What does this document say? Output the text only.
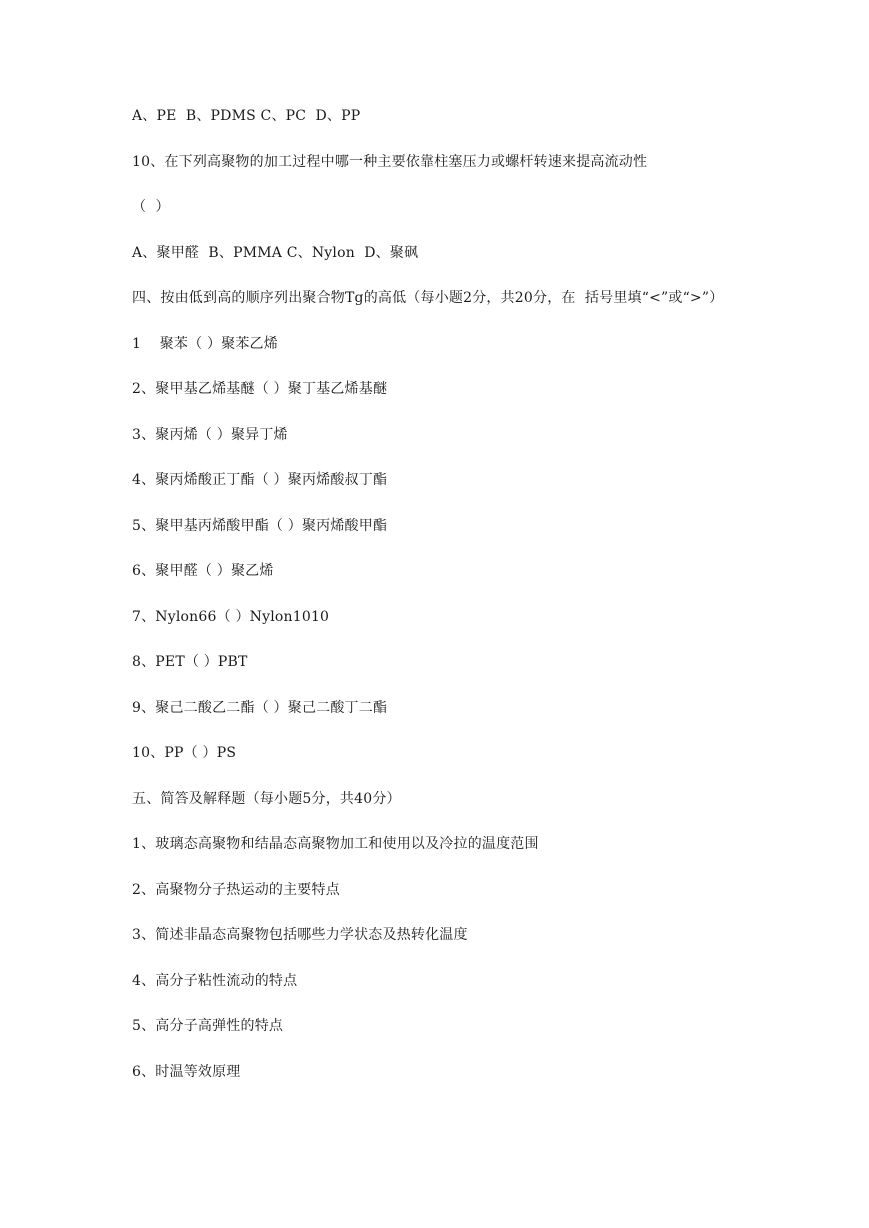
A、PE  B、PDMS C、PC  D、PP
10、在下列高聚物的加工过程中哪一种主要依靠柱塞压力或螺杆转速来提高流动性
（  ）
A、聚甲醛  B、PMMA C、Nylon  D、聚砜
四、按由低到高的顺序列出聚合物Tg的高低（每小题2分，共20分，在  括号里填“<”或“>”）
1    聚苯（ ）聚苯乙烯
2、聚甲基乙烯基醚（ ）聚丁基乙烯基醚
3、聚丙烯（ ）聚异丁烯
4、聚丙烯酸正丁酯（ ）聚丙烯酸叔丁酯
5、聚甲基丙烯酸甲酯（ ）聚丙烯酸甲酯
6、聚甲醛（ ）聚乙烯
7、Nylon66（ ）Nylon1010
8、PET（ ）PBT
9、聚己二酸乙二酯（ ）聚己二酸丁二酯
10、PP（ ）PS
五、简答及解释题（每小题5分，共40分）
1、玻璃态高聚物和结晶态高聚物加工和使用以及冷拉的温度范围
2、高聚物分子热运动的主要特点
3、简述非晶态高聚物包括哪些力学状态及热转化温度
4、高分子粘性流动的特点
5、高分子高弹性的特点
6、时温等效原理
